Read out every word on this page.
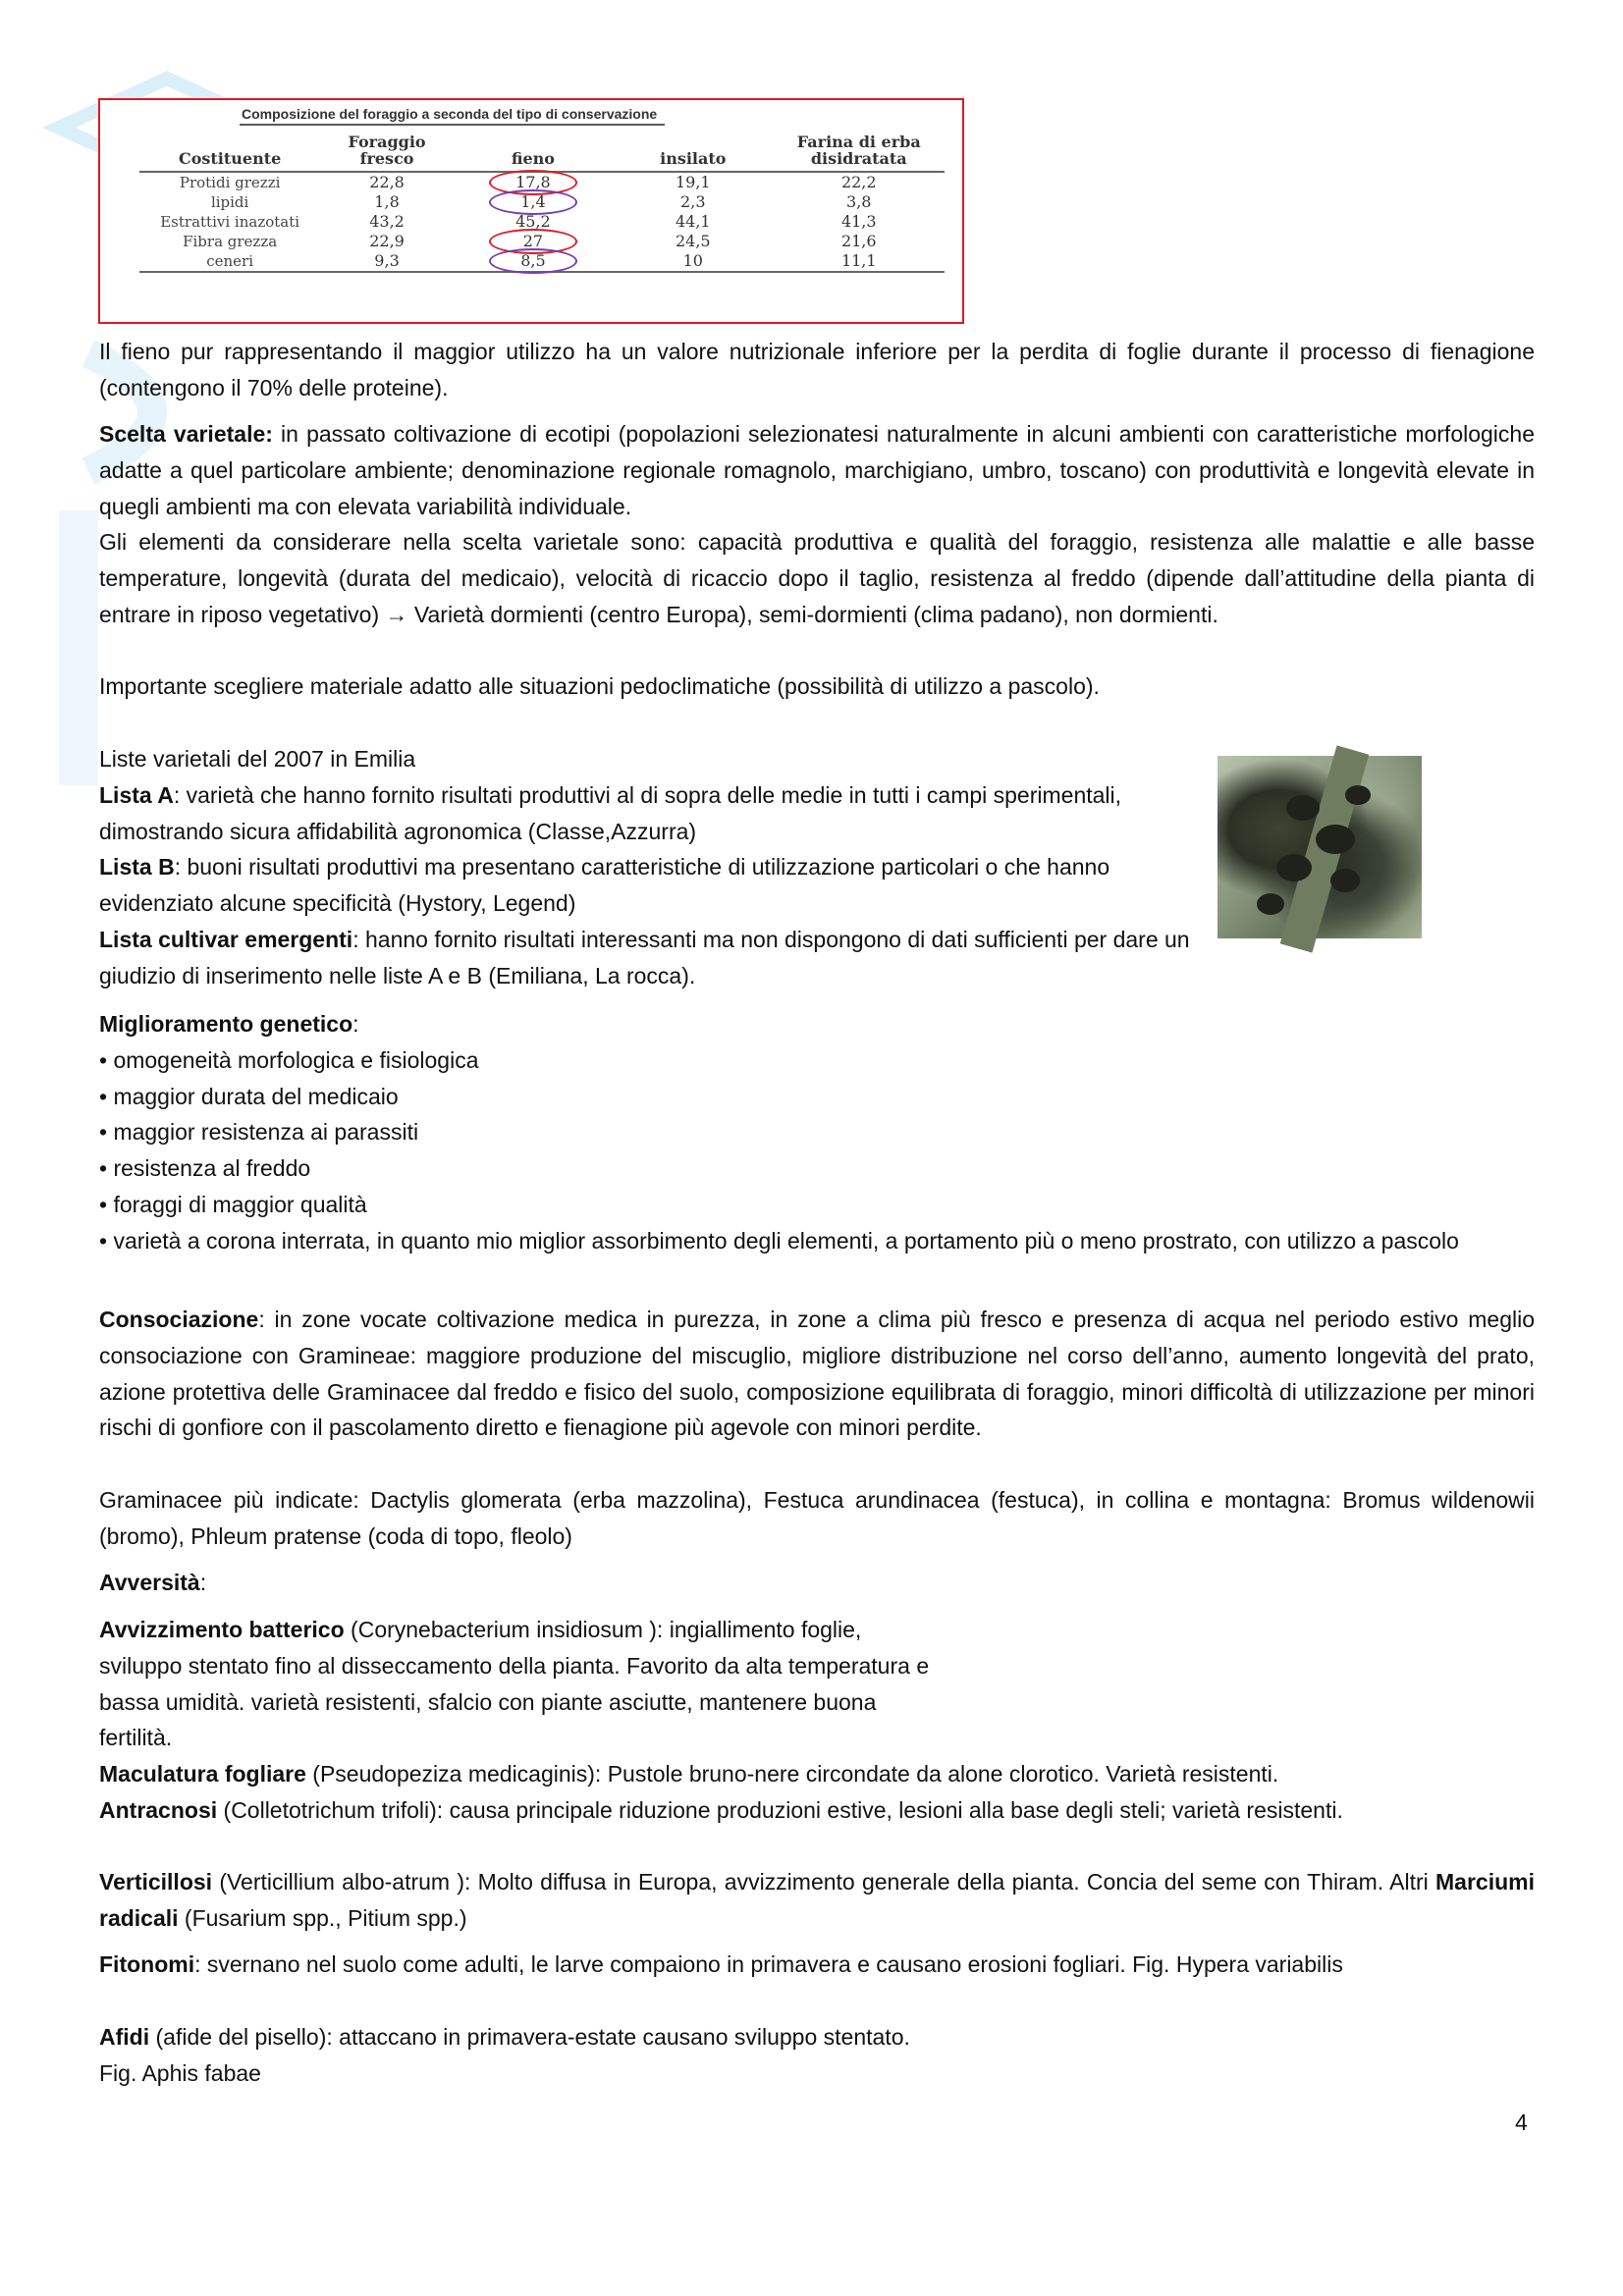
Composizione del foraggio a seconda del tipo di conservazione
Costituente	Foraggio fresco	fieno	insilato	Farina di erba disidratata
Protidi grezzi	22,8	17,8	19,1	22,2
lipidi	1,8	1,4	2,3	3,8
Estrattivi inazotati	43,2	45,2	44,1	41,3
Fibra grezza	22,9	27	24,5	21,6
ceneri	9,3	8,5	10	11,1
Il fieno pur rappresentando il maggior utilizzo ha un valore nutrizionale inferiore per la perdita di foglie durante il processo di fienagione (contengono il 70% delle proteine).
Scelta varietale: in passato coltivazione di ecotipi (popolazioni selezionatesi naturalmente in alcuni ambienti con caratteristiche morfologiche adatte a quel particolare ambiente; denominazione regionale romagnolo, marchigiano, umbro, toscano) con produttività e longevità elevate in quegli ambienti ma con elevata variabilità individuale.
Gli elementi da considerare nella scelta varietale sono: capacità produttiva e qualità del foraggio, resistenza alle malattie e alle basse temperature, longevità (durata del medicaio), velocità di ricaccio dopo il taglio, resistenza al freddo (dipende dall’attitudine della pianta di entrare in riposo vegetativo) → Varietà dormienti (centro Europa), semi-dormienti (clima padano), non dormienti.
Importante scegliere materiale adatto alle situazioni pedoclimatiche (possibilità di utilizzo a pascolo).
Liste varietali del 2007 in Emilia
Lista A: varietà che hanno fornito risultati produttivi al di sopra delle medie in tutti i campi sperimentali, dimostrando sicura affidabilità agronomica (Classe,Azzurra)
Lista B: buoni risultati produttivi ma presentano caratteristiche di utilizzazione particolari o che hanno evidenziato alcune specificità (Hystory, Legend)
Lista cultivar emergenti: hanno fornito risultati interessanti ma non dispongono di dati sufficienti per dare un giudizio di inserimento nelle liste A e B (Emiliana, La rocca).
Miglioramento genetico:
• omogeneità morfologica e fisiologica
• maggior durata del medicaio
• maggior resistenza ai parassiti
• resistenza al freddo
• foraggi di maggior qualità
• varietà a corona interrata, in quanto mio miglior assorbimento degli elementi, a portamento più o meno prostrato, con utilizzo a pascolo
Consociazione: in zone vocate coltivazione medica in purezza, in zone a clima più fresco e presenza di acqua nel periodo estivo meglio consociazione con Gramineae: maggiore produzione del miscuglio, migliore distribuzione nel corso dell’anno, aumento longevità del prato, azione protettiva delle Graminacee dal freddo e fisico del suolo, composizione equilibrata di foraggio, minori difficoltà di utilizzazione per minori rischi di gonfiore con il pascolamento diretto e fienagione più agevole con minori perdite.
Graminacee più indicate: Dactylis glomerata (erba mazzolina), Festuca arundinacea (festuca), in collina e montagna: Bromus wildenowii (bromo), Phleum pratense (coda di topo, fleolo)
Avversità:
Avvizzimento batterico (Corynebacterium insidiosum ): ingiallimento foglie,
sviluppo stentato fino al disseccamento della pianta. Favorito da alta temperatura e
bassa umidità. varietà resistenti, sfalcio con piante asciutte, mantenere buona
fertilità.
Maculatura fogliare (Pseudopeziza medicaginis): Pustole bruno-nere circondate da alone clorotico. Varietà resistenti.
Antracnosi (Colletotrichum trifoli): causa principale riduzione produzioni estive, lesioni alla base degli steli; varietà resistenti.
Verticillosi (Verticillium albo-atrum ): Molto diffusa in Europa, avvizzimento generale della pianta. Concia del seme con Thiram. Altri Marciumi radicali (Fusarium spp., Pitium spp.)
Fitonomi: svernano nel suolo come adulti, le larve compaiono in primavera e causano erosioni fogliari. Fig. Hypera variabilis
Afidi (afide del pisello): attaccano in primavera-estate causano sviluppo stentato.
Fig. Aphis fabae
4
